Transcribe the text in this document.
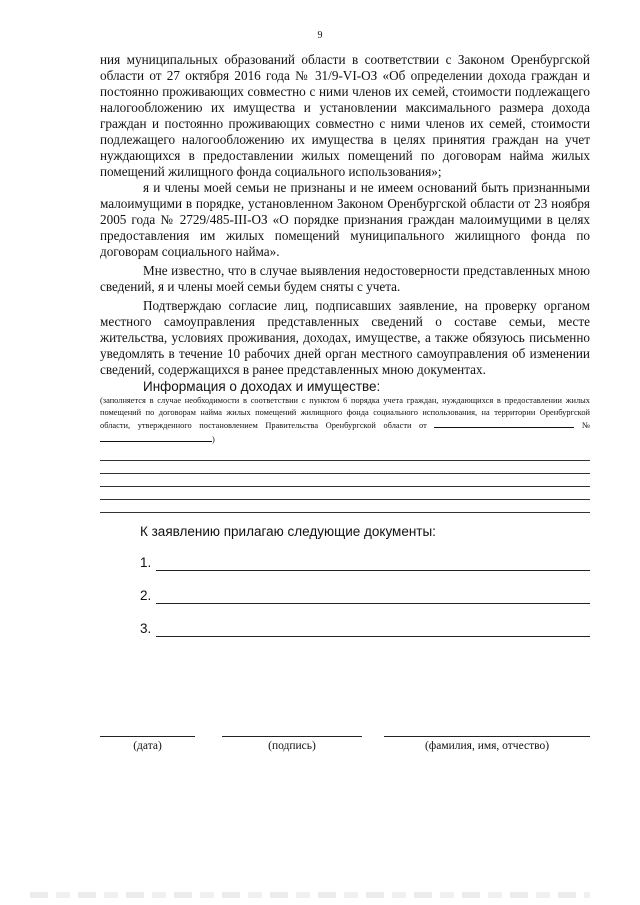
9

ния муниципальных образований области в соответствии с Законом Оренбургской области от 27 октября 2016 года № 31/9-VI-ОЗ «Об определении дохода граждан и постоянно проживающих совместно с ними членов их семей, стоимости подлежащего налогообложению их имущества и установлении максимального размера дохода граждан и постоянно проживающих совместно с ними членов их семей, стоимости подлежащего налогообложению их имущества в целях принятия граждан на учет нуждающихся в предоставлении жилых помещений по договорам найма жилых помещений жилищного фонда социального использования»;

я и члены моей семьи не признаны и не имеем оснований быть признанными малоимущими в порядке, установленном Законом Оренбургской области от 23 ноября 2005 года № 2729/485-III-ОЗ «О порядке признания граждан малоимущими в целях предоставления им жилых помещений муниципального жилищного фонда по договорам социального найма».

Мне известно, что в случае выявления недостоверности представленных мною сведений, я и члены моей семьи будем сняты с учета.

Подтверждаю согласие лиц, подписавших заявление, на проверку органом местного самоуправления представленных сведений о составе семьи, месте жительства, условиях проживания, доходах, имуществе, а также обязуюсь письменно уведомлять в течение 10 рабочих дней орган местного самоуправления об изменении сведений, содержащихся в ранее представленных мною документах.

Информация о доходах и имуществе:
(заполняется в случае необходимости в соответствии с пунктом 6 порядка учета граждан, нуждающихся в предоставлении жилых помещений по договорам найма жилых помещений жилищного фонда социального использования, на территории Оренбургской области, утвержденного постановлением Правительства Оренбургской области от	№ )
К заявлению прилагаю следующие документы:
1.
2.
3.
(дата)	(подпись)	(фамилия, имя, отчество)
